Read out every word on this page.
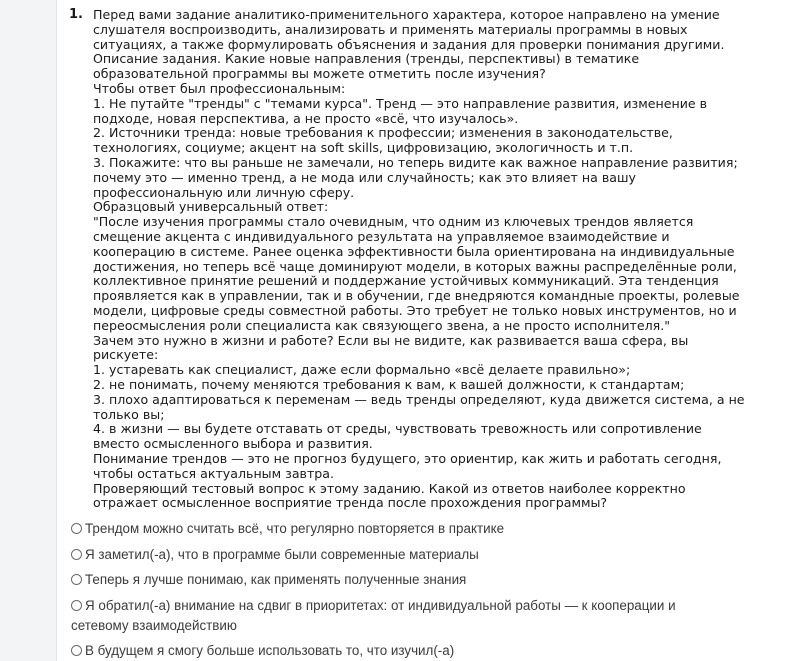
1. Перед вами задание аналитико-применительного характера, которое направлено на умение
слушателя воспроизводить, анализировать и применять материалы программы в новых
ситуациях, а также формулировать объяснения и задания для проверки понимания другими.
Описание задания. Какие новые направления (тренды, перспективы) в тематике
образовательной программы вы можете отметить после изучения?
Чтобы ответ был профессиональным:
1. Не путайте "тренды" с "темами курса". Тренд — это направление развития, изменение в
подходе, новая перспектива, а не просто «всё, что изучалось».
2. Источники тренда: новые требования к профессии; изменения в законодательстве,
технологиях, социуме; акцент на soft skills, цифровизацию, экологичность и т.п.
3. Покажите: что вы раньше не замечали, но теперь видите как важное направление развития;
почему это — именно тренд, а не мода или случайность; как это влияет на вашу
профессиональную или личную сферу.
Образцовый универсальный ответ:
"После изучения программы стало очевидным, что одним из ключевых трендов является
смещение акцента с индивидуального результата на управляемое взаимодействие и
кооперацию в системе. Ранее оценка эффективности была ориентирована на индивидуальные
достижения, но теперь всё чаще доминируют модели, в которых важны распределённые роли,
коллективное принятие решений и поддержание устойчивых коммуникаций. Эта тенденция
проявляется как в управлении, так и в обучении, где внедряются командные проекты, ролевые
модели, цифровые среды совместной работы. Это требует не только новых инструментов, но и
переосмысления роли специалиста как связующего звена, а не просто исполнителя."
Зачем это нужно в жизни и работе? Если вы не видите, как развивается ваша сфера, вы
рискуете:
1. устаревать как специалист, даже если формально «всё делаете правильно»;
2. не понимать, почему меняются требования к вам, к вашей должности, к стандартам;
3. плохо адаптироваться к переменам — ведь тренды определяют, куда движется система, а не
только вы;
4. в жизни — вы будете отставать от среды, чувствовать тревожность или сопротивление
вместо осмысленного выбора и развития.
Понимание трендов — это не прогноз будущего, это ориентир, как жить и работать сегодня,
чтобы остаться актуальным завтра.
Проверяющий тестовый вопрос к этому заданию. Какой из ответов наиболее корректно
отражает осмысленное восприятие тренда после прохождения программы?
Трендом можно считать всё, что регулярно повторяется в практике
Я заметил(-а), что в программе были современные материалы
Теперь я лучше понимаю, как применять полученные знания
Я обратил(-а) внимание на сдвиг в приоритетах: от индивидуальной работы — к кооперации и
сетевому взаимодействию
В будущем я смогу больше использовать то, что изучил(-а)
